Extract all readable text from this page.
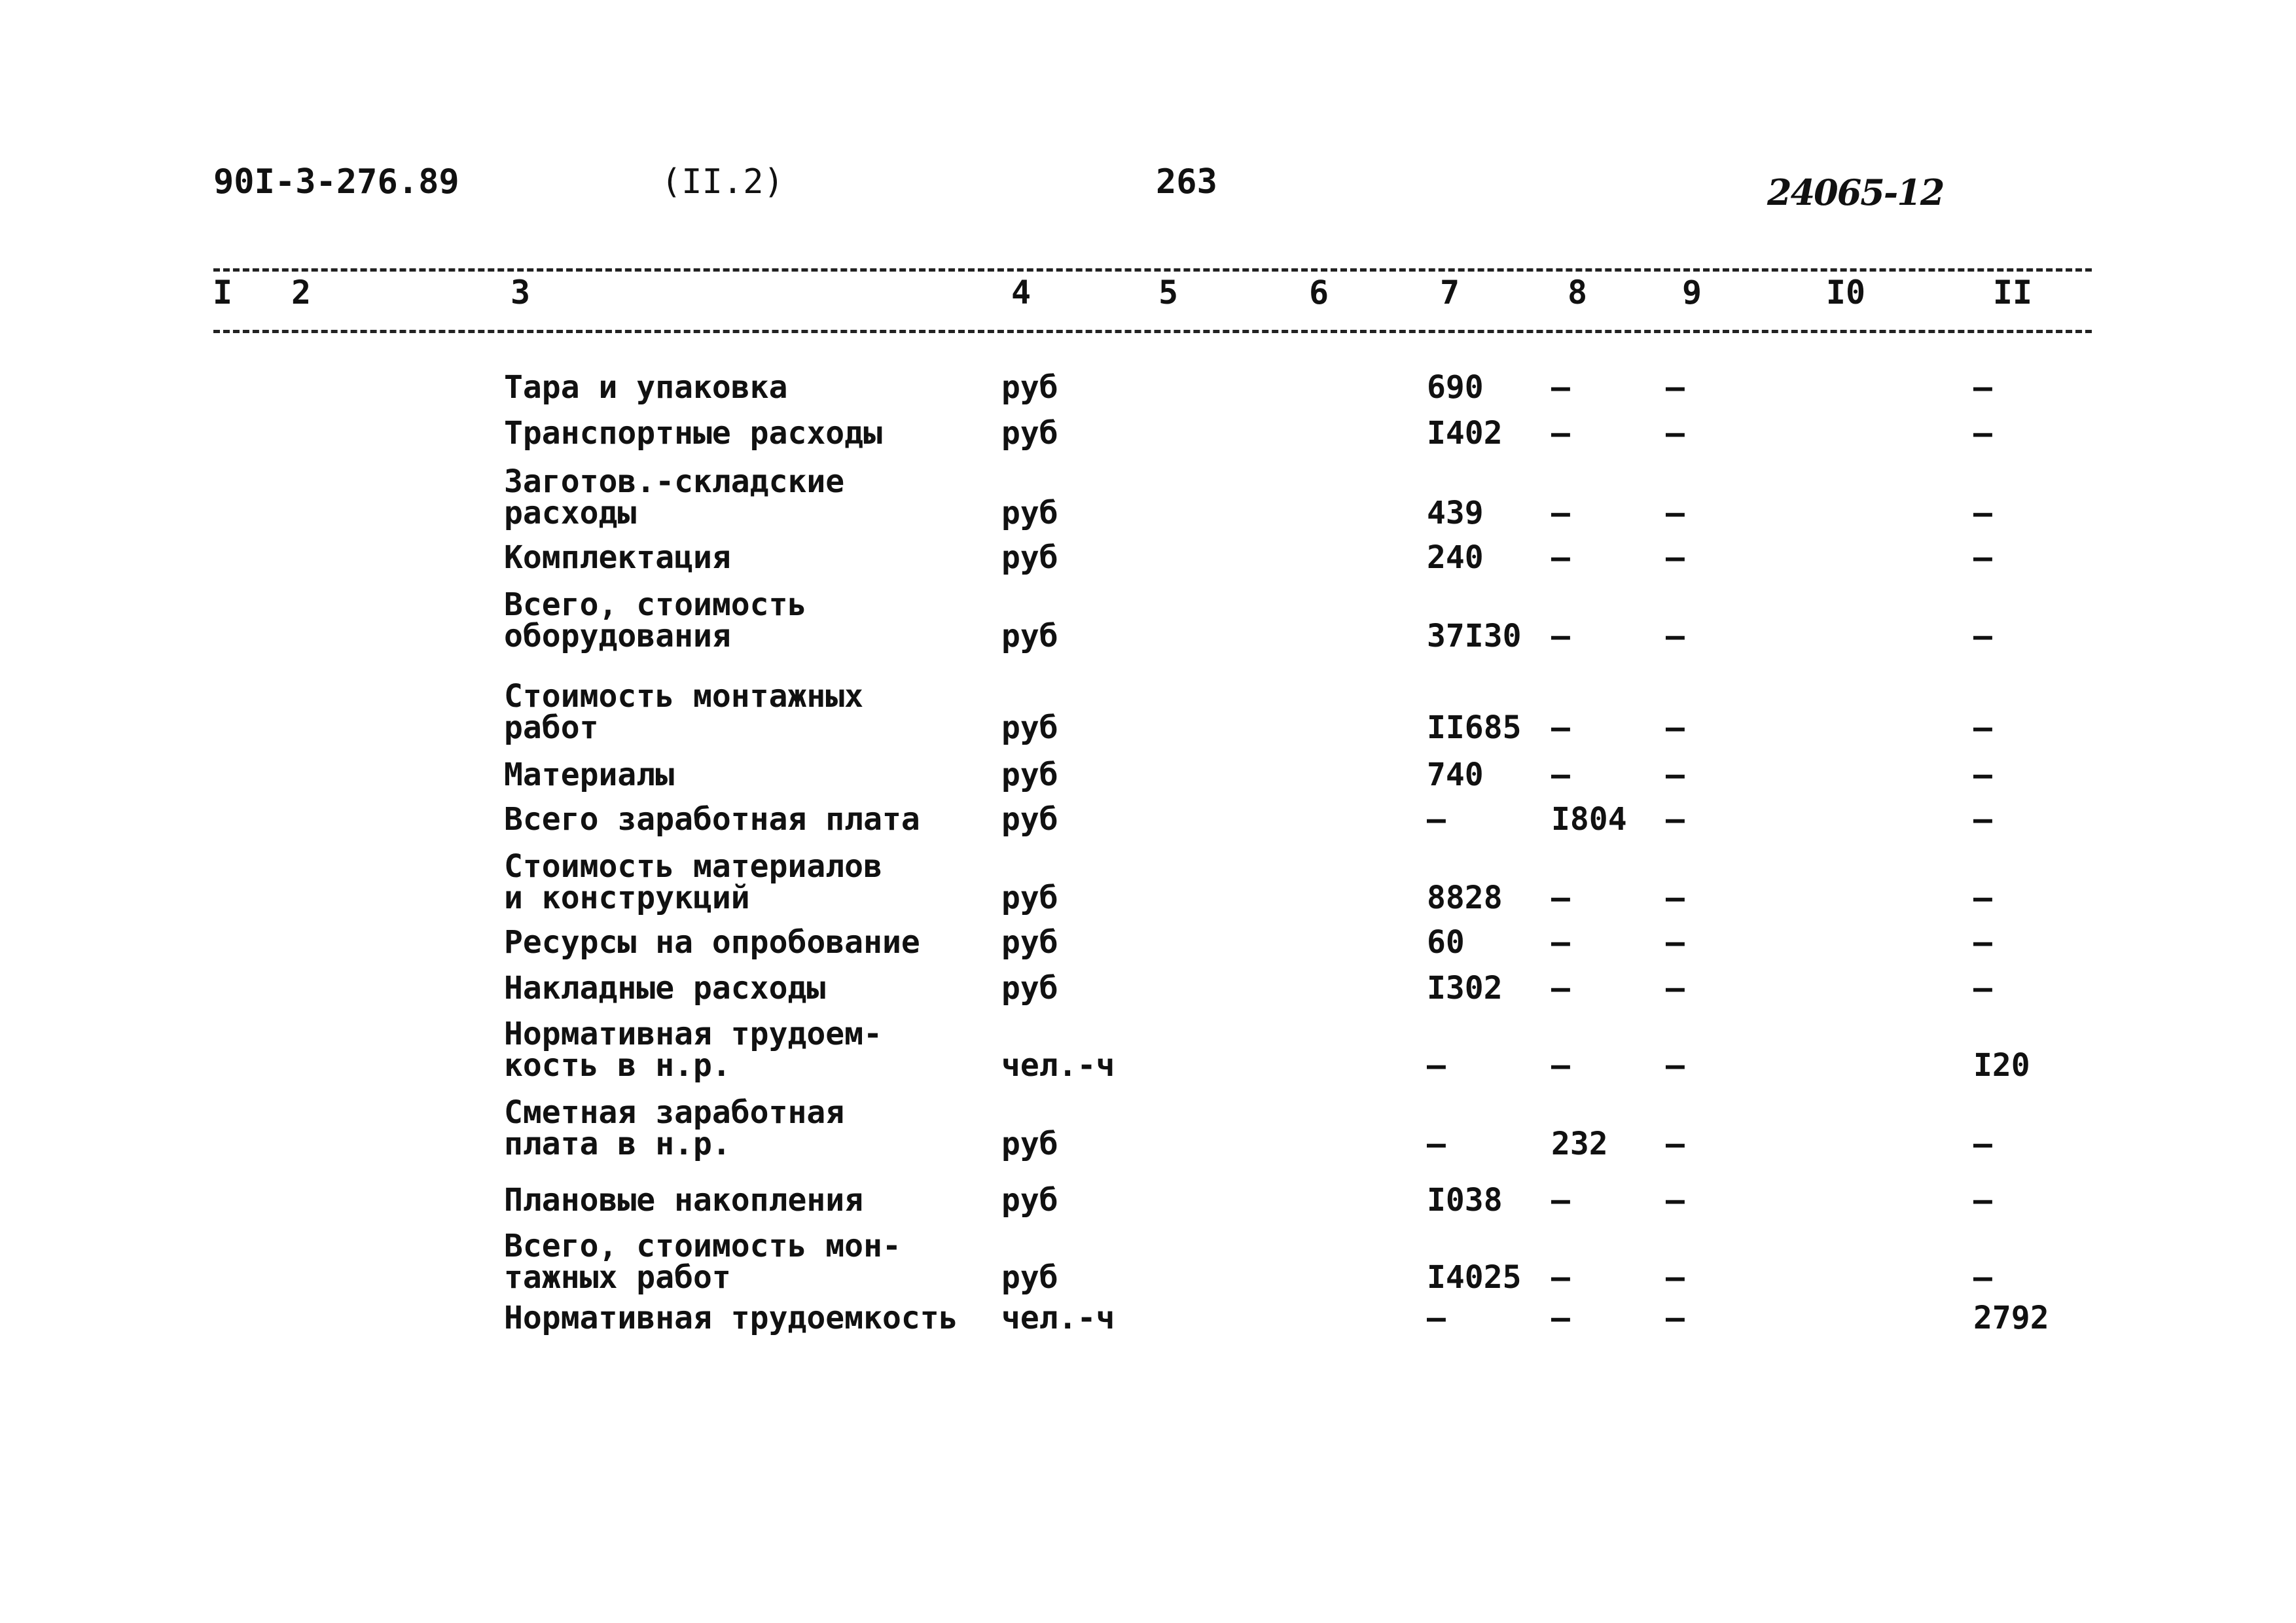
90I-3-276.89	(II.2)	263	24065-12
I	2	3	4	5	6	7	8	9	I0	II
Тара и упаковка	руб	690 –	–	–
Транспортные расходы	руб	I402 –	–	–
Заготов.-складские
расходы	руб	439 –	–	–
Комплектация	руб	240 –	–	–
Всего, стоимость
оборудования	руб	37I30 –	–	–
Стоимость монтажных
работ	руб	II685 –	–	–
Материалы	руб	740 –	–	–
Всего заработная плата	руб	–	I804 –	–
Стоимость материалов
и конструкций	руб	8828 –	–	–
Ресурсы на опробование	руб	60	–	–	–
Накладные расходы	руб	I302 –	–	–
Нормативная трудоем-
кость в н.р.	чел.-ч	–	–	–	I20
Сметная заработная
плата в н.р.	руб	–	232 –	–
Плановые накопления	руб	I038 –	–	–
Всего, стоимость мон-
тажных работ	руб	I4025 –	–	–
Нормативная трудоемкость	чел.-ч	–	–	–	2792
